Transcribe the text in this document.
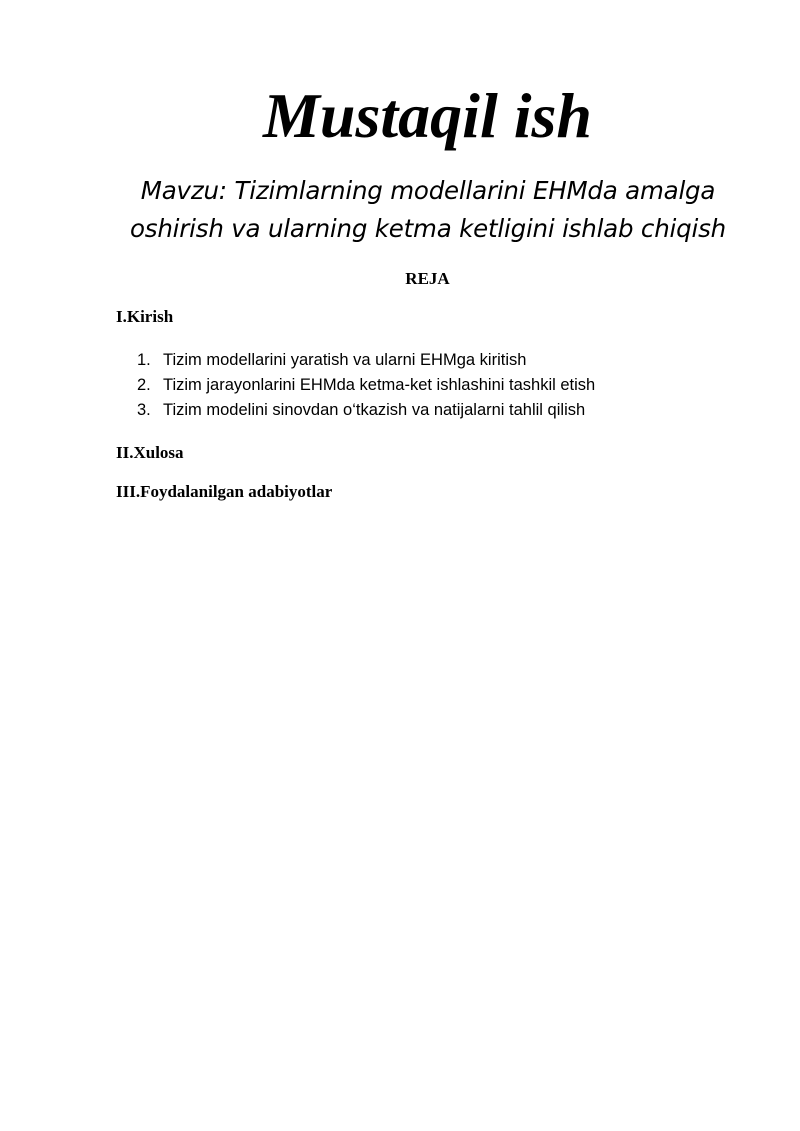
Mustaqil ish
Mavzu: Tizimlarning modellarini EHMda amalga
oshirish va ularning ketma ketligini ishlab chiqish
REJA
I.Kirish
1. Tizim modellarini yaratish va ularni EHMga kiritish
2. Tizim jarayonlarini EHMda ketma-ket ishlashini tashkil etish
3. Tizim modelini sinovdan o‘tkazish va natijalarni tahlil qilish
II.Xulosa
III.Foydalanilgan adabiyotlar
